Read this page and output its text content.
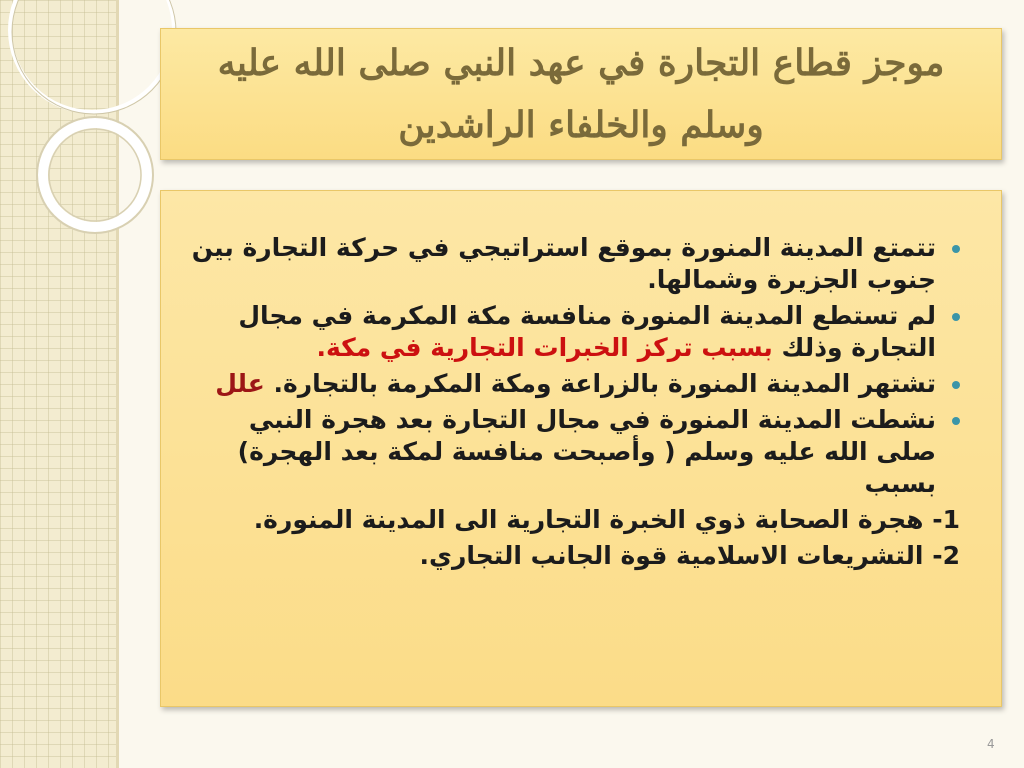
موجز قطاع التجارة في عهد النبي صلى الله عليه وسلم والخلفاء الراشدين
تتمتع المدينة المنورة بموقع استراتيجي في حركة التجارة بين جنوب الجزيرة وشمالها.
لم تستطع المدينة المنورة منافسة مكة المكرمة في مجال التجارة وذلك بسبب تركز الخبرات التجارية في مكة.
تشتهر المدينة المنورة بالزراعة ومكة المكرمة بالتجارة. علل
نشطت المدينة المنورة في مجال التجارة بعد هجرة النبي صلى الله عليه وسلم ( وأصبحت منافسة لمكة بعد الهجرة) بسبب
1- هجرة الصحابة ذوي الخبرة التجارية الى المدينة المنورة.
2- التشريعات الاسلامية قوة الجانب التجاري.
4
